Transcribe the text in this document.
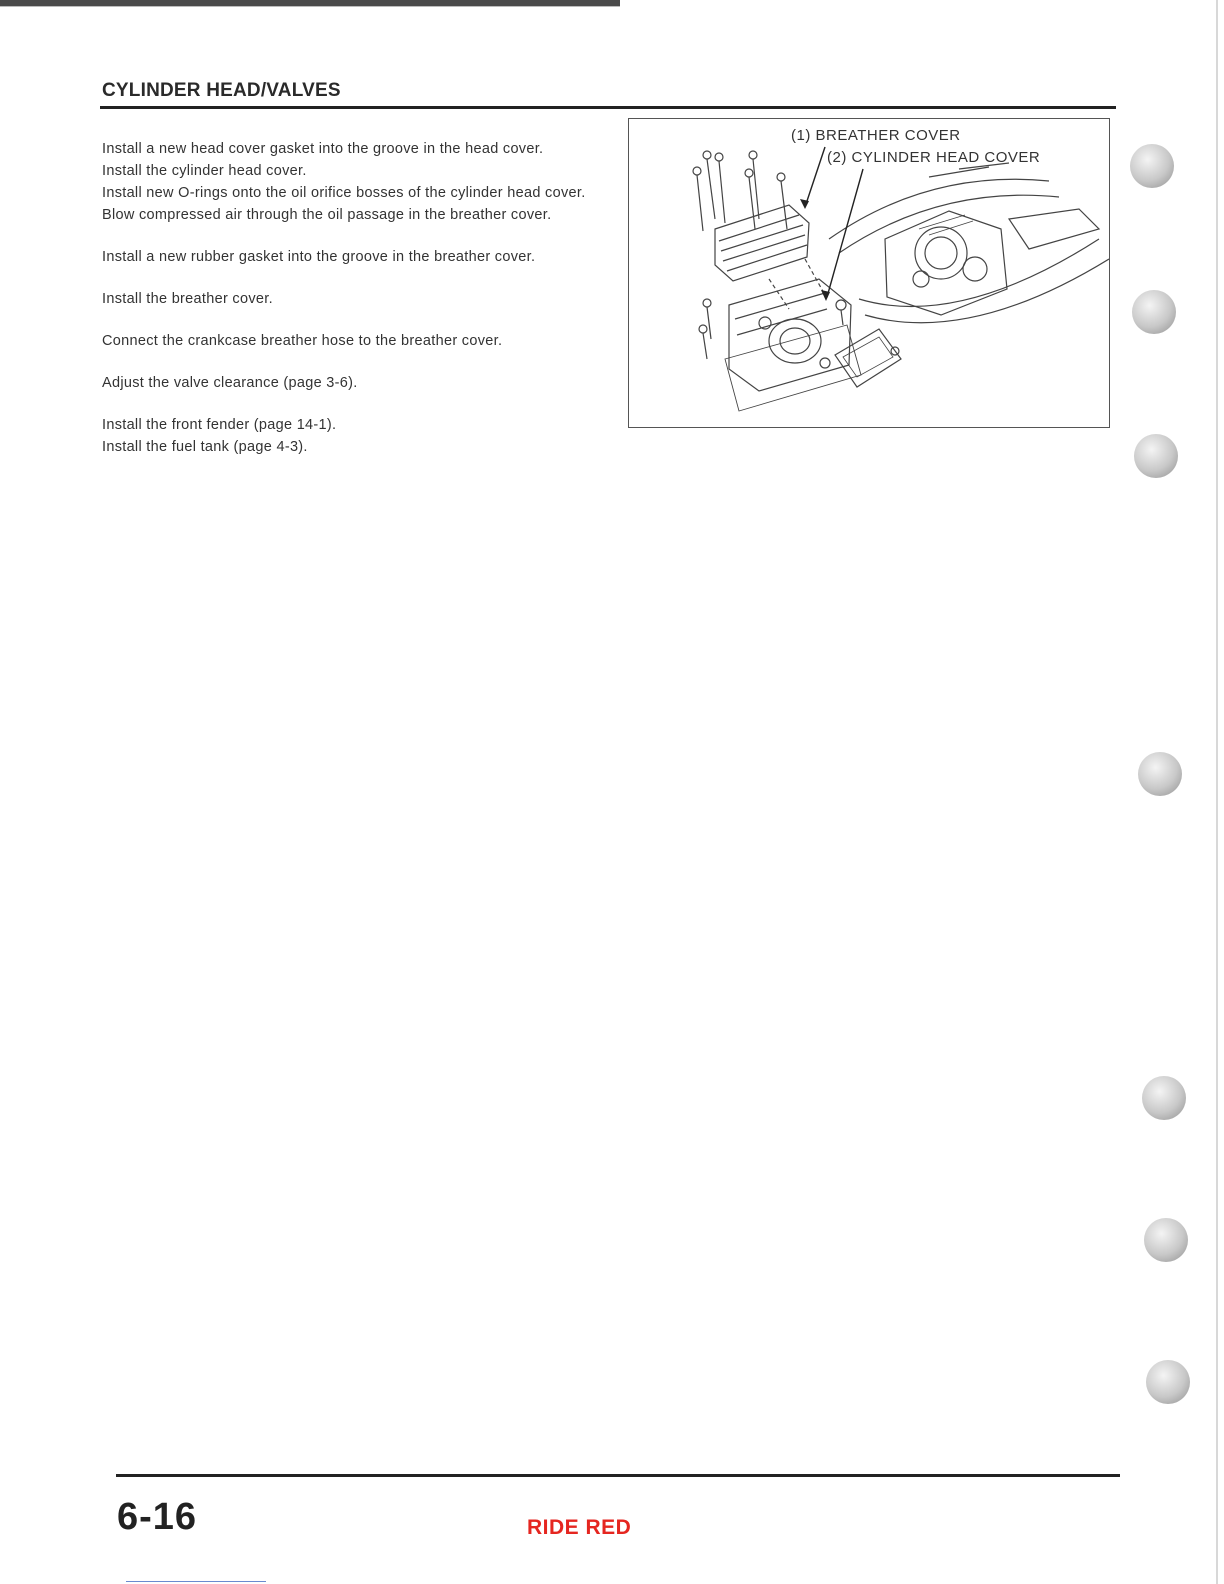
CYLINDER HEAD/VALVES

Install a new head cover gasket into the groove in the head cover.

Install the cylinder head cover.

Install new O-rings onto the oil orifice bosses of the cylinder head cover.

Blow compressed air through the oil passage in the breather cover.

Install a new rubber gasket into the groove in the breather cover.

Install the breather cover.

Connect the crankcase breather hose to the breather cover.

Adjust the valve clearance (page 3-6).

Install the front fender (page 14-1).

Install the fuel tank (page 4-3).

(1) BREATHER COVER
(2) CYLINDER HEAD COVER
6-16	RIDE RED
